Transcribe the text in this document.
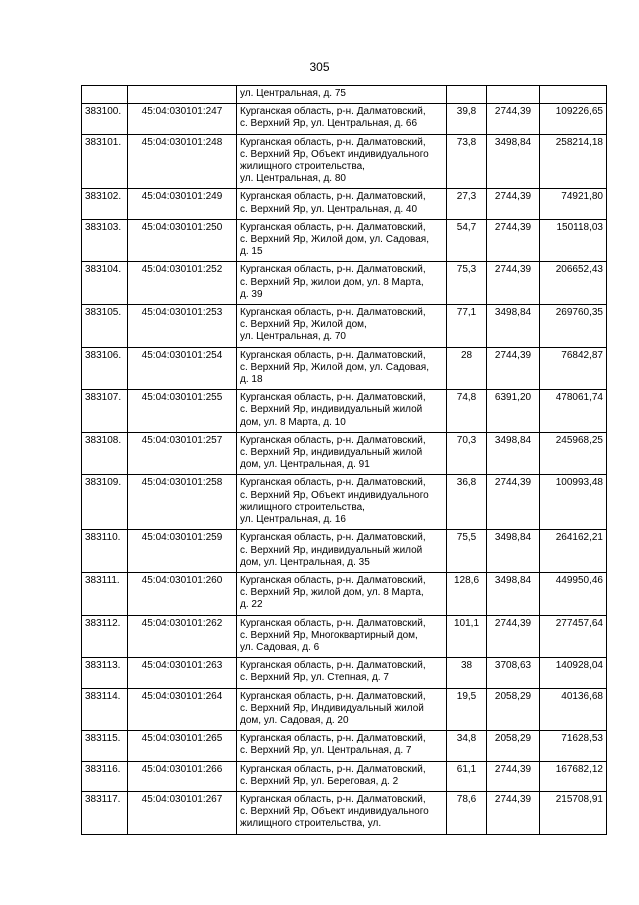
305
		ул. Центральная, д. 75			
383100.	45:04:030101:247	Курганская область, р-н. Далматовский,
с. Верхний Яр, ул. Центральная, д. 66	39,8	2744,39	109226,65
383101.	45:04:030101:248	Курганская область, р-н. Далматовский,
с. Верхний Яр, Объект индивидуального
жилищного строительства,
ул. Центральная, д. 80	73,8	3498,84	258214,18
383102.	45:04:030101:249	Курганская область, р-н. Далматовский,
с. Верхний Яр, ул. Центральная, д. 40	27,3	2744,39	74921,80
383103.	45:04:030101:250	Курганская область, р-н. Далматовский,
с. Верхний Яр, Жилой дом, ул. Садовая,
д. 15	54,7	2744,39	150118,03
383104.	45:04:030101:252	Курганская область, р-н. Далматовский,
с. Верхний Яр, жилои дом, ул. 8 Марта,
д. 39	75,3	2744,39	206652,43
383105.	45:04:030101:253	Курганская область, р-н. Далматовский,
с. Верхний Яр, Жилой дом,
ул. Центральная, д. 70	77,1	3498,84	269760,35
383106.	45:04:030101:254	Курганская область, р-н. Далматовский,
с. Верхний Яр, Жилой дом, ул. Садовая,
д. 18	28	2744,39	76842,87
383107.	45:04:030101:255	Курганская область, р-н. Далматовский,
с. Верхний Яр, индивидуальный жилой
дом, ул. 8 Марта, д. 10	74,8	6391,20	478061,74
383108.	45:04:030101:257	Курганская область, р-н. Далматовский,
с. Верхний Яр, индивидуальный жилой
дом, ул. Центральная, д. 91	70,3	3498,84	245968,25
383109.	45:04:030101:258	Курганская область, р-н. Далматовский,
с. Верхний Яр, Объект индивидуального
жилищного строительства,
ул. Центральная, д. 16	36,8	2744,39	100993,48
383110.	45:04:030101:259	Курганская область, р-н. Далматовский,
с. Верхний Яр, индивидуальный жилой
дом, ул. Центральная, д. 35	75,5	3498,84	264162,21
383111.	45:04:030101:260	Курганская область, р-н. Далматовский,
с. Верхний Яр, жилой дом, ул. 8 Марта,
д. 22	128,6	3498,84	449950,46
383112.	45:04:030101:262	Курганская область, р-н. Далматовский,
с. Верхний Яр, Многоквартирный дом,
ул. Садовая, д. 6	101,1	2744,39	277457,64
383113.	45:04:030101:263	Курганская область, р-н. Далматовский,
с. Верхний Яр, ул. Степная, д. 7	38	3708,63	140928,04
383114.	45:04:030101:264	Курганская область, р-н. Далматовский,
с. Верхний Яр, Индивидуальный жилой
дом, ул. Садовая, д. 20	19,5	2058,29	40136,68
383115.	45:04:030101:265	Курганская область, р-н. Далматовский,
с. Верхний Яр, ул. Центральная, д. 7	34,8	2058,29	71628,53
383116.	45:04:030101:266	Курганская область, р-н. Далматовский,
с. Верхний Яр, ул. Береговая, д. 2	61,1	2744,39	167682,12
383117.	45:04:030101:267	Курганская область, р-н. Далматовский,
с. Верхний Яр, Объект индивидуального
жилищного строительства, ул.	78,6	2744,39	215708,91
